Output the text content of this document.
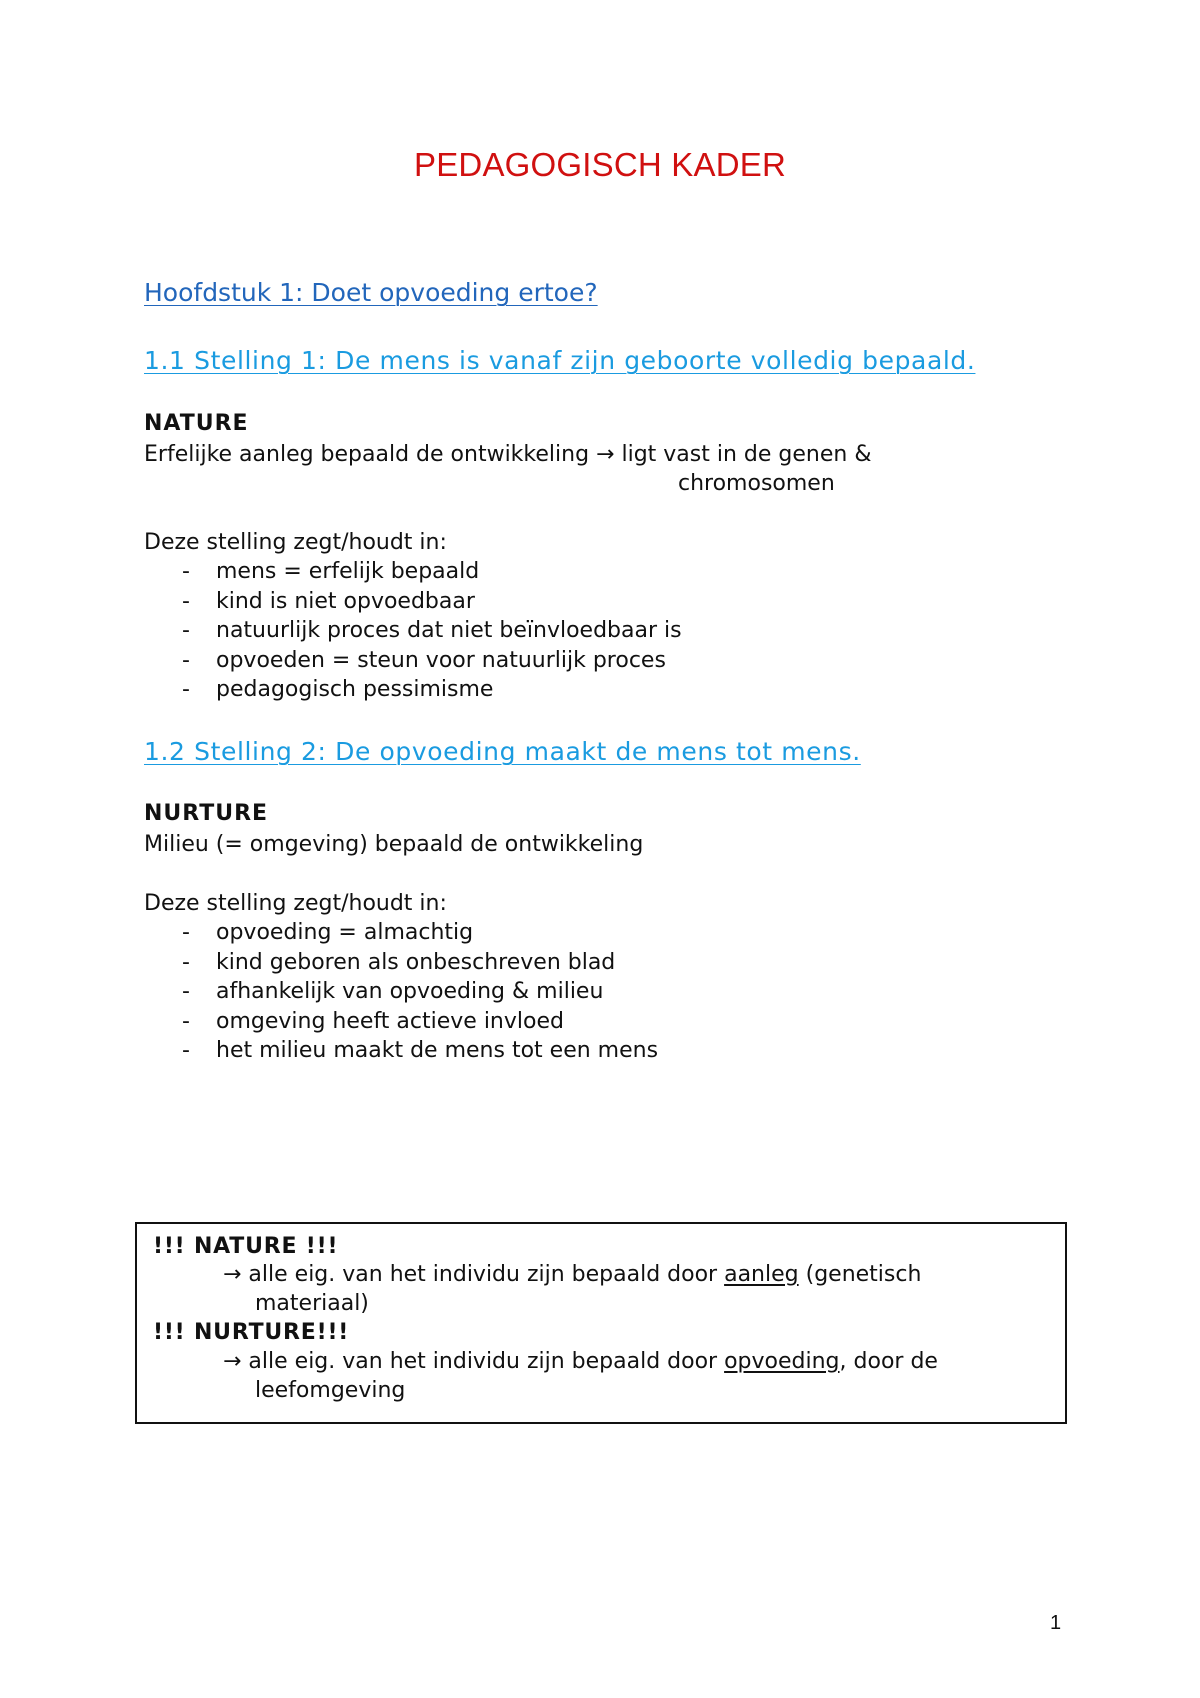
PEDAGOGISCH KADER
Hoofdstuk 1: Doet opvoeding ertoe?
1.1 Stelling 1: De mens is vanaf zijn geboorte volledig bepaald.
NATURE
Erfelijke aanleg bepaald de ontwikkeling → ligt vast in de genen &
chromosomen
Deze stelling zegt/houdt in:
- mens = erfelijk bepaald
- kind is niet opvoedbaar
- natuurlijk proces dat niet beïnvloedbaar is
- opvoeden = steun voor natuurlijk proces
- pedagogisch pessimisme
1.2 Stelling 2: De opvoeding maakt de mens tot mens.
NURTURE
Milieu (= omgeving) bepaald de ontwikkeling
Deze stelling zegt/houdt in:
- opvoeding = almachtig
- kind geboren als onbeschreven blad
- afhankelijk van opvoeding & milieu
- omgeving heeft actieve invloed
- het milieu maakt de mens tot een mens
!!! NATURE !!!
→ alle eig. van het individu zijn bepaald door aanleg (genetisch
materiaal)
!!! NURTURE!!!
→ alle eig. van het individu zijn bepaald door opvoeding, door de
leefomgeving
1
